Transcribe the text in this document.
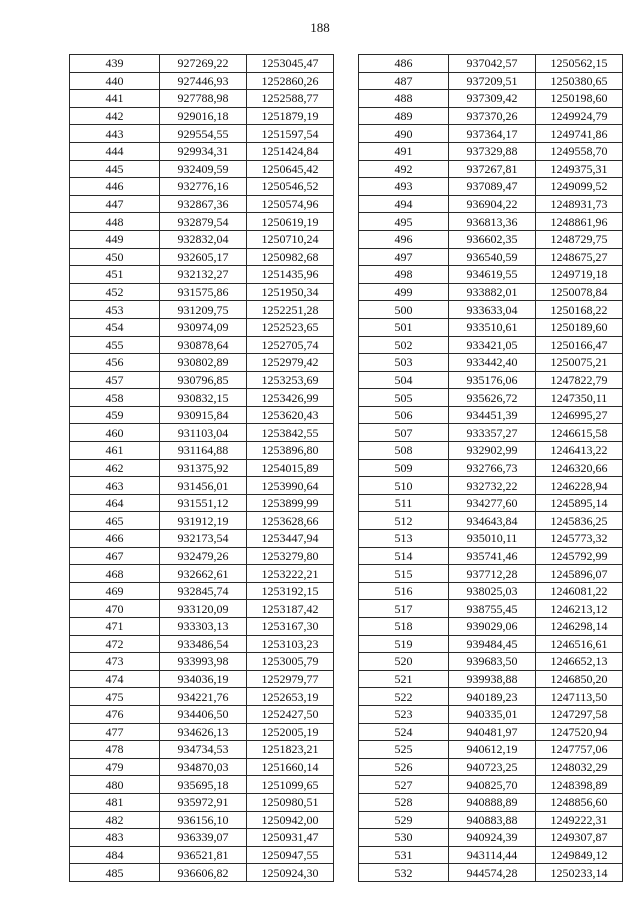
188
439	927269,22	1253045,47
440	927446,93	1252860,26
441	927788,98	1252588,77
442	929016,18	1251879,19
443	929554,55	1251597,54
444	929934,31	1251424,84
445	932409,59	1250645,42
446	932776,16	1250546,52
447	932867,36	1250574,96
448	932879,54	1250619,19
449	932832,04	1250710,24
450	932605,17	1250982,68
451	932132,27	1251435,96
452	931575,86	1251950,34
453	931209,75	1252251,28
454	930974,09	1252523,65
455	930878,64	1252705,74
456	930802,89	1252979,42
457	930796,85	1253253,69
458	930832,15	1253426,99
459	930915,84	1253620,43
460	931103,04	1253842,55
461	931164,88	1253896,80
462	931375,92	1254015,89
463	931456,01	1253990,64
464	931551,12	1253899,99
465	931912,19	1253628,66
466	932173,54	1253447,94
467	932479,26	1253279,80
468	932662,61	1253222,21
469	932845,74	1253192,15
470	933120,09	1253187,42
471	933303,13	1253167,30
472	933486,54	1253103,23
473	933993,98	1253005,79
474	934036,19	1252979,77
475	934221,76	1252653,19
476	934406,50	1252427,50
477	934626,13	1252005,19
478	934734,53	1251823,21
479	934870,03	1251660,14
480	935695,18	1251099,65
481	935972,91	1250980,51
482	936156,10	1250942,00
483	936339,07	1250931,47
484	936521,81	1250947,55
485	936606,82	1250924,30
486	937042,57	1250562,15
487	937209,51	1250380,65
488	937309,42	1250198,60
489	937370,26	1249924,79
490	937364,17	1249741,86
491	937329,88	1249558,70
492	937267,81	1249375,31
493	937089,47	1249099,52
494	936904,22	1248931,73
495	936813,36	1248861,96
496	936602,35	1248729,75
497	936540,59	1248675,27
498	934619,55	1249719,18
499	933882,01	1250078,84
500	933633,04	1250168,22
501	933510,61	1250189,60
502	933421,05	1250166,47
503	933442,40	1250075,21
504	935176,06	1247822,79
505	935626,72	1247350,11
506	934451,39	1246995,27
507	933357,27	1246615,58
508	932902,99	1246413,22
509	932766,73	1246320,66
510	932732,22	1246228,94
511	934277,60	1245895,14
512	934643,84	1245836,25
513	935010,11	1245773,32
514	935741,46	1245792,99
515	937712,28	1245896,07
516	938025,03	1246081,22
517	938755,45	1246213,12
518	939029,06	1246298,14
519	939484,45	1246516,61
520	939683,50	1246652,13
521	939938,88	1246850,20
522	940189,23	1247113,50
523	940335,01	1247297,58
524	940481,97	1247520,94
525	940612,19	1247757,06
526	940723,25	1248032,29
527	940825,70	1248398,89
528	940888,89	1248856,60
529	940883,88	1249222,31
530	940924,39	1249307,87
531	943114,44	1249849,12
532	944574,28	1250233,14
